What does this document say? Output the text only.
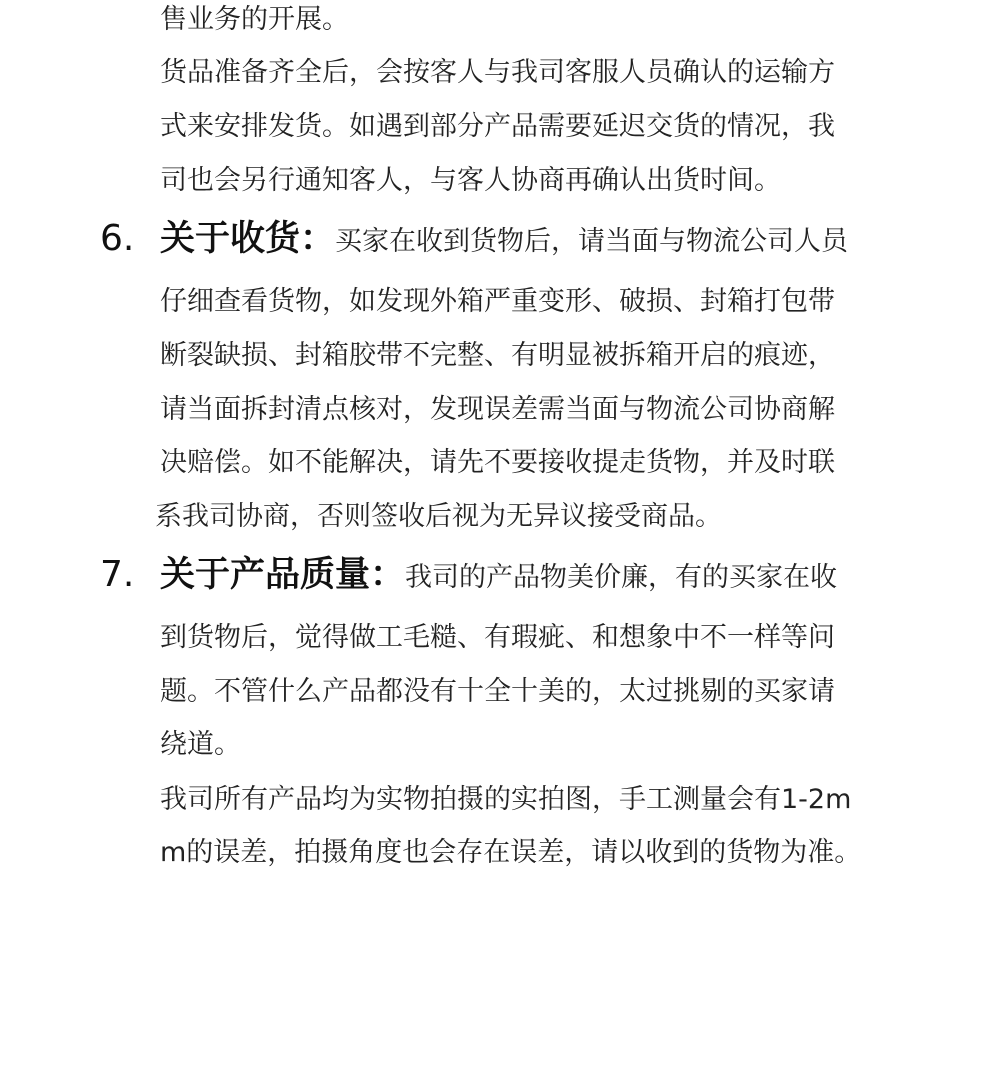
售业务的开展。
货品准备齐全后，会按客人与我司客服人员确认的运输方
式来安排发货。如遇到部分产品需要延迟交货的情况，我
司也会另行通知客人，与客人协商再确认出货时间。
6. 关于收货：买家在收到货物后，请当面与物流公司人员
仔细查看货物，如发现外箱严重变形、破损、封箱打包带
断裂缺损、封箱胶带不完整、有明显被拆箱开启的痕迹，
请当面拆封清点核对，发现误差需当面与物流公司协商解
决赔偿。如不能解决，请先不要接收提走货物，并及时联
系我司协商，否则签收后视为无异议接受商品。
7. 关于产品质量：我司的产品物美价廉，有的买家在收
到货物后，觉得做工毛糙、有瑕疵、和想象中不一样等问
题。不管什么产品都没有十全十美的，太过挑剔的买家请
绕道。
我司所有产品均为实物拍摄的实拍图，手工测量会有1-2m
m的误差，拍摄角度也会存在误差，请以收到的货物为准。
